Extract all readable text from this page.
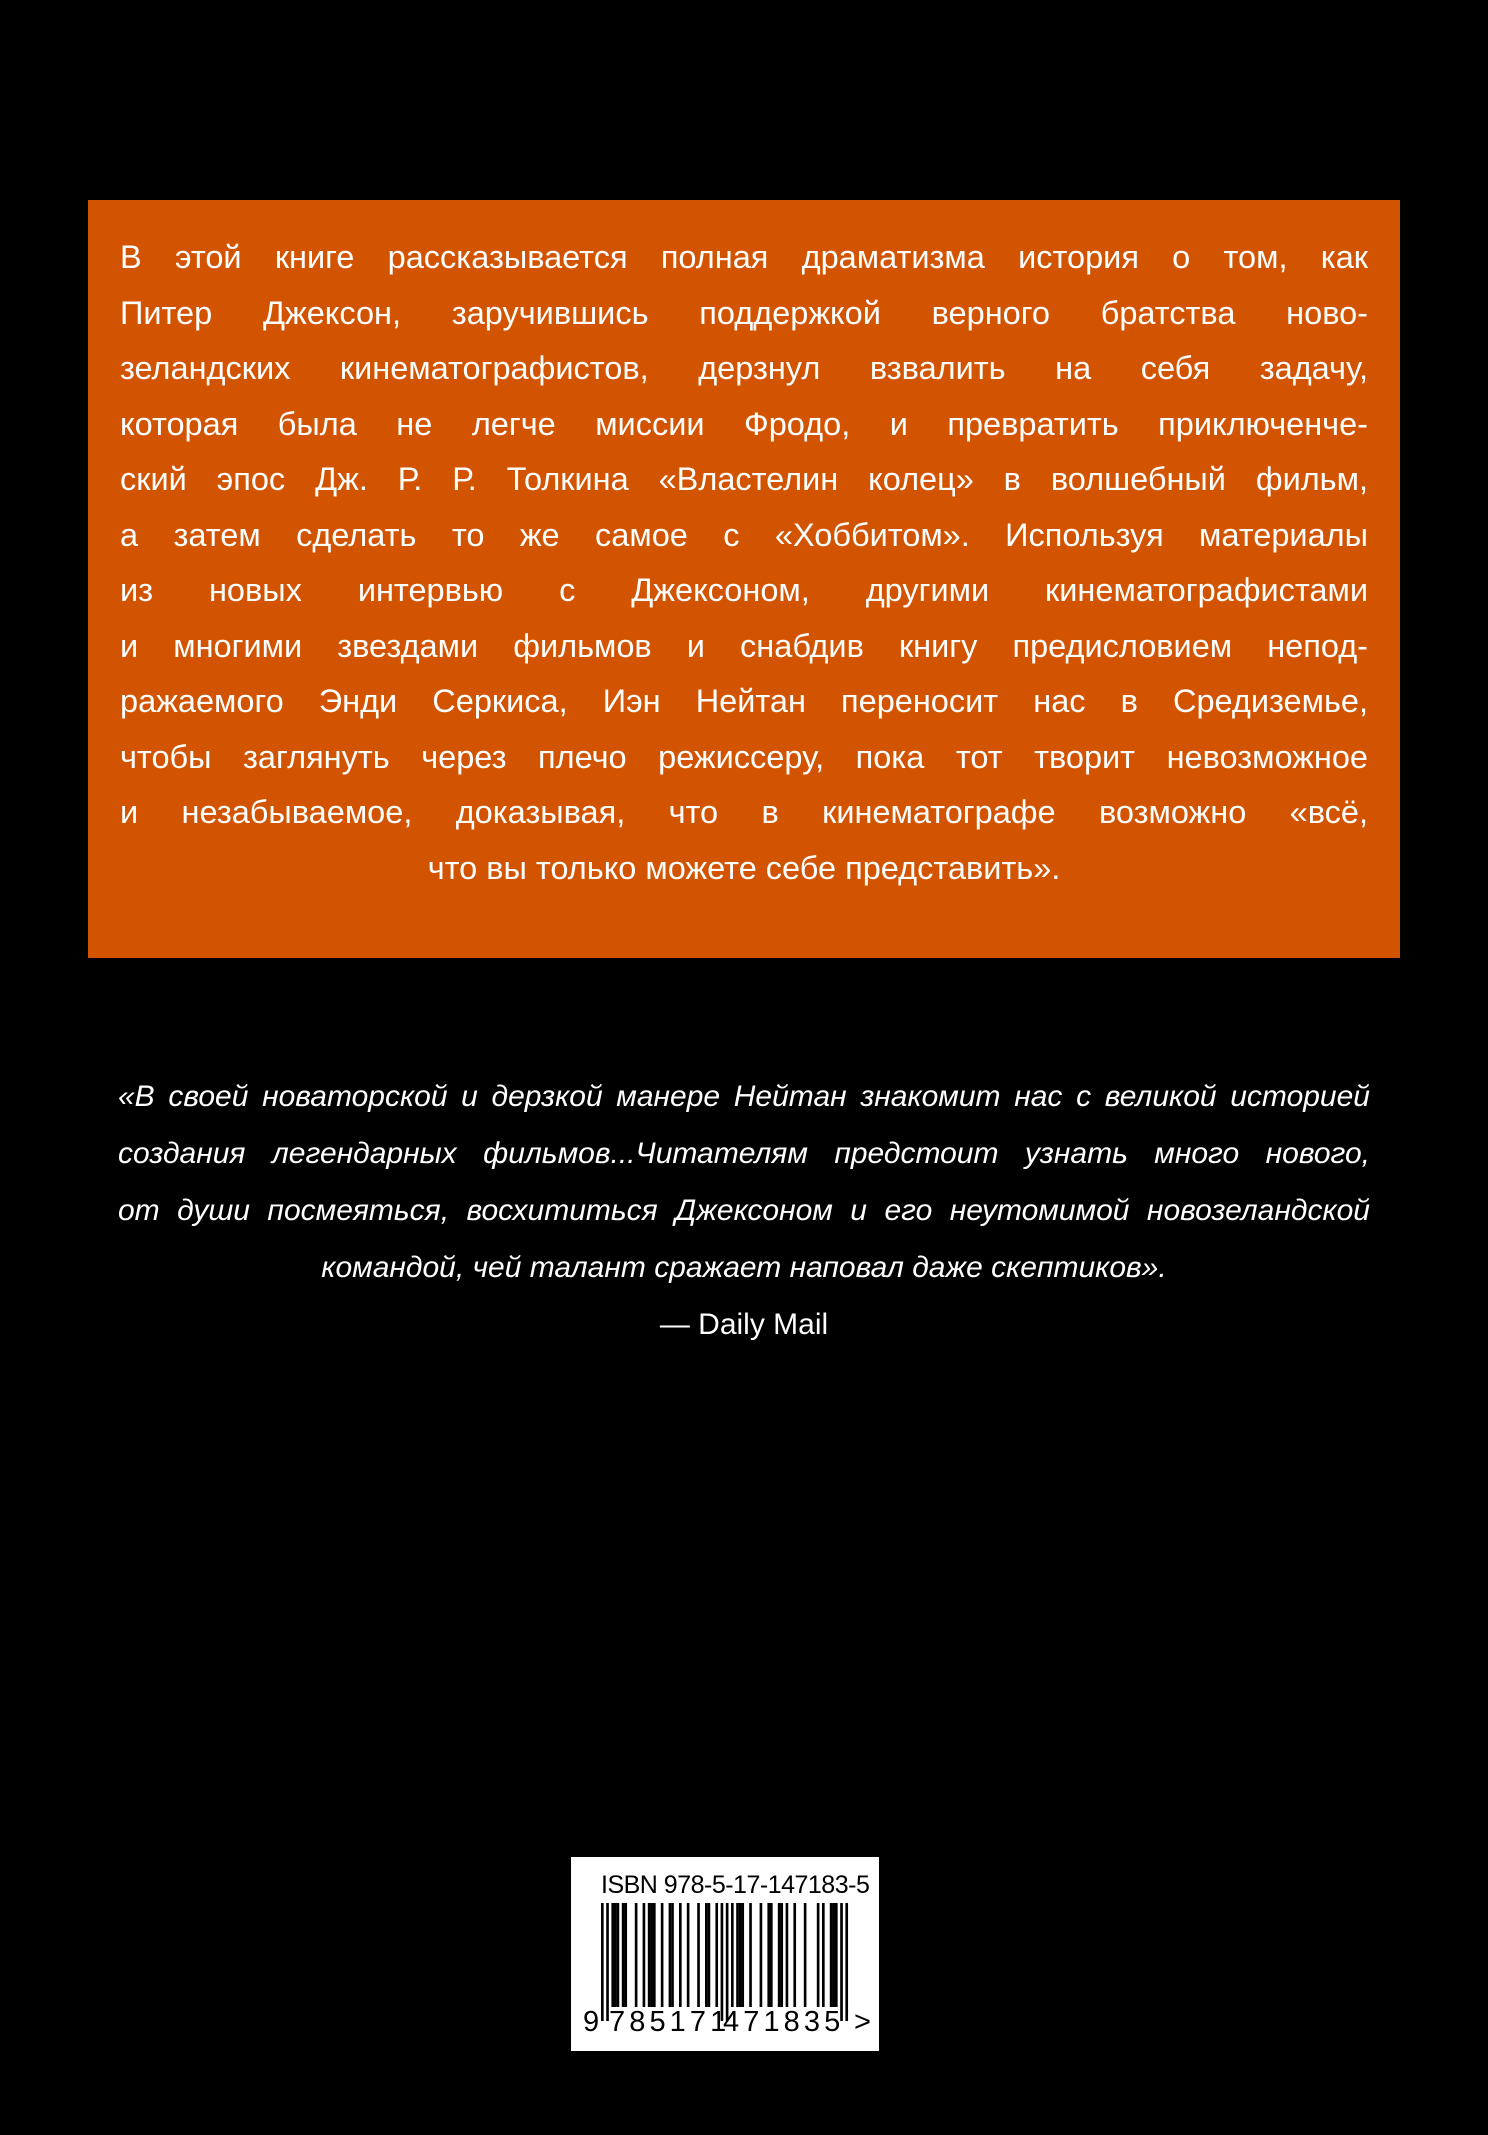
В этой книге рассказывается полная драматизма история о том, как
Питер Джексон, заручившись поддержкой верного братства ново-
зеландских кинематографистов, дерзнул взвалить на себя задачу,
которая была не легче миссии Фродо, и превратить приключенче-
ский эпос Дж. Р. Р. Толкина «Властелин колец» в волшебный фильм,
а затем сделать то же самое с «Хоббитом». Используя материалы
из новых интервью с Джексоном, другими кинематографистами
и многими звездами фильмов и снабдив книгу предисловием непод-
ражаемого Энди Серкиса, Иэн Нейтан переносит нас в Средиземье,
чтобы заглянуть через плечо режиссеру, пока тот творит невозможное
и незабываемое, доказывая, что в кинематографе возможно «всё,
что вы только можете себе представить».
«В своей новаторской и дерзкой манере Нейтан знакомит нас с великой историей
создания легендарных фильмов...Читателям предстоит узнать много нового,
от души посмеяться, восхититься Джексоном и его неутомимой новозеландской
командой, чей талант сражает наповал даже скептиков».
— Daily Mail
ISBN 978-5-17-147183-5
9 785171
471835 >
